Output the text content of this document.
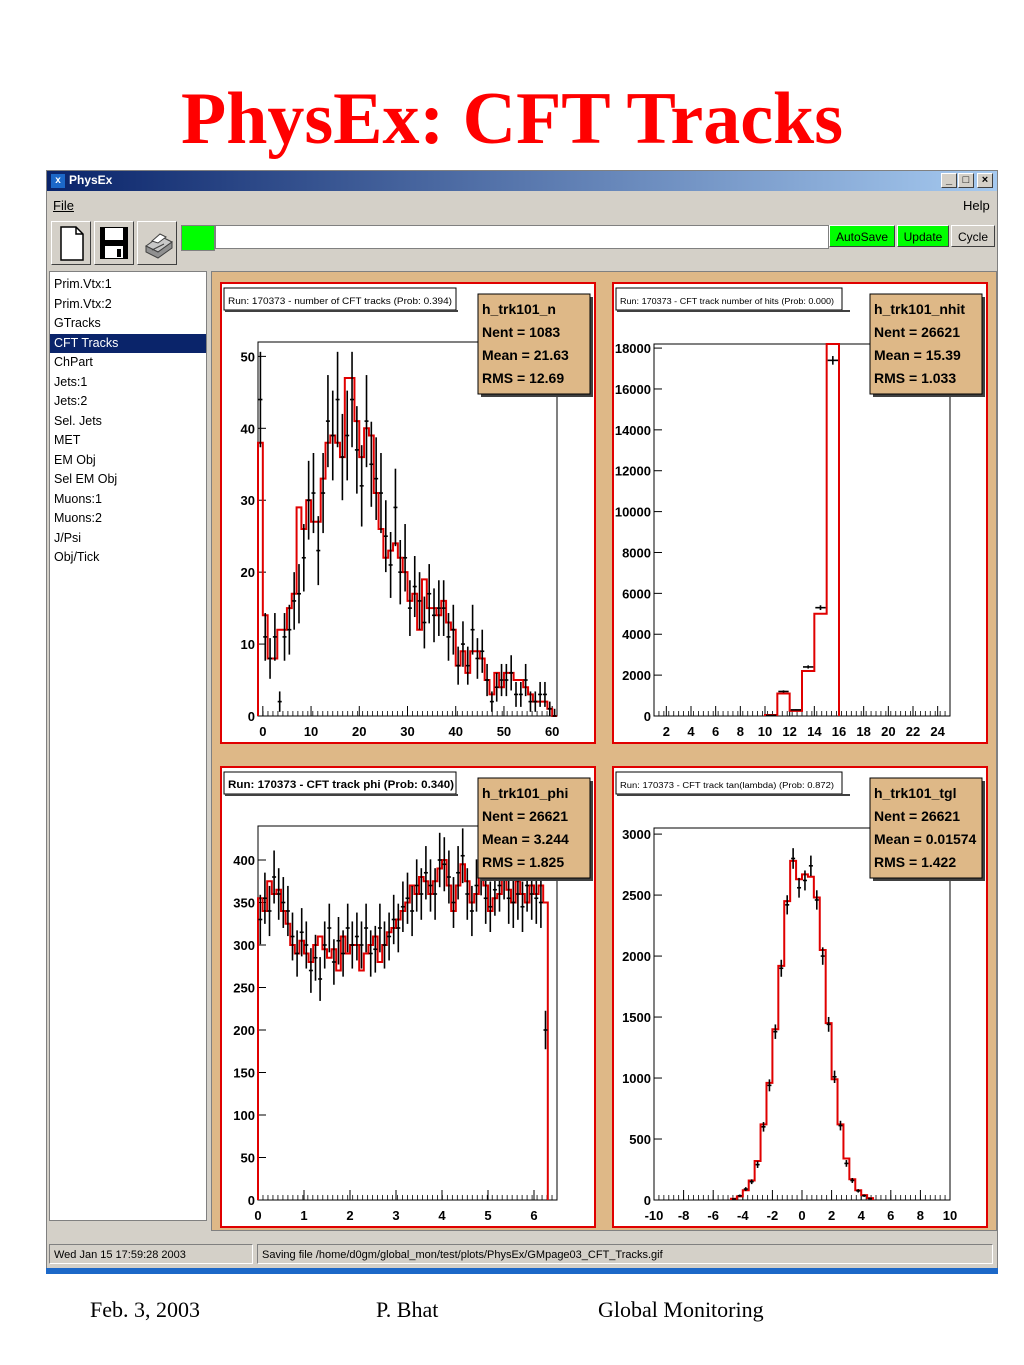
PhysEx: CFT Tracks
x PhysEx	_ □	×
File	Help
AutoSave	Update	Cycle
Prim.Vtx:1
Prim.Vtx:2
GTracks
CFT Tracks
ChPart
Jets:1
Jets:2
Sel. Jets
MET
EM Obj
Sel EM Obj
Muons:1
Muons:2
J/Psi
Obj/Tick
0
10
20
30
40
50
0	10	20	30	40	50	60
Run: 170373 - number of CFT tracks (Prob: 0.394) h_trk101_n
Nent = 1083
Mean = 21.63
RMS = 12.69
0
2000
4000
6000
8000
10000
12000
14000
16000
18000
2 4 6 8 10 12 14 16 18 20 22 24
Run: 170373 - CFT track number of hits (Prob: 0.000)	h_trk101_nhit
Nent = 26621
Mean = 15.39
RMS = 1.033
0
50
100
150
200
250
300
350
400
0	1	2	3	4	5	6
Run: 170373 - CFT track phi (Prob: 0.340) h_trk101_phi
Nent = 26621
Mean = 3.244
RMS = 1.825
0
500
1000
1500
2000
2500
3000
-10 -8 -6 -4 -2 0 2 4 6 8 10
Run: 170373 - CFT track tan(lambda) (Prob: 0.872)	h_trk101_tgl
Nent = 26621
Mean = 0.01574
RMS = 1.422
Wed Jan 15 17:59:28 2003	Saving file /home/d0gm/global_mon/test/plots/PhysEx/GMpage03_CFT_Tracks.gif
Feb. 3, 2003	P. Bhat	Global Monitoring
